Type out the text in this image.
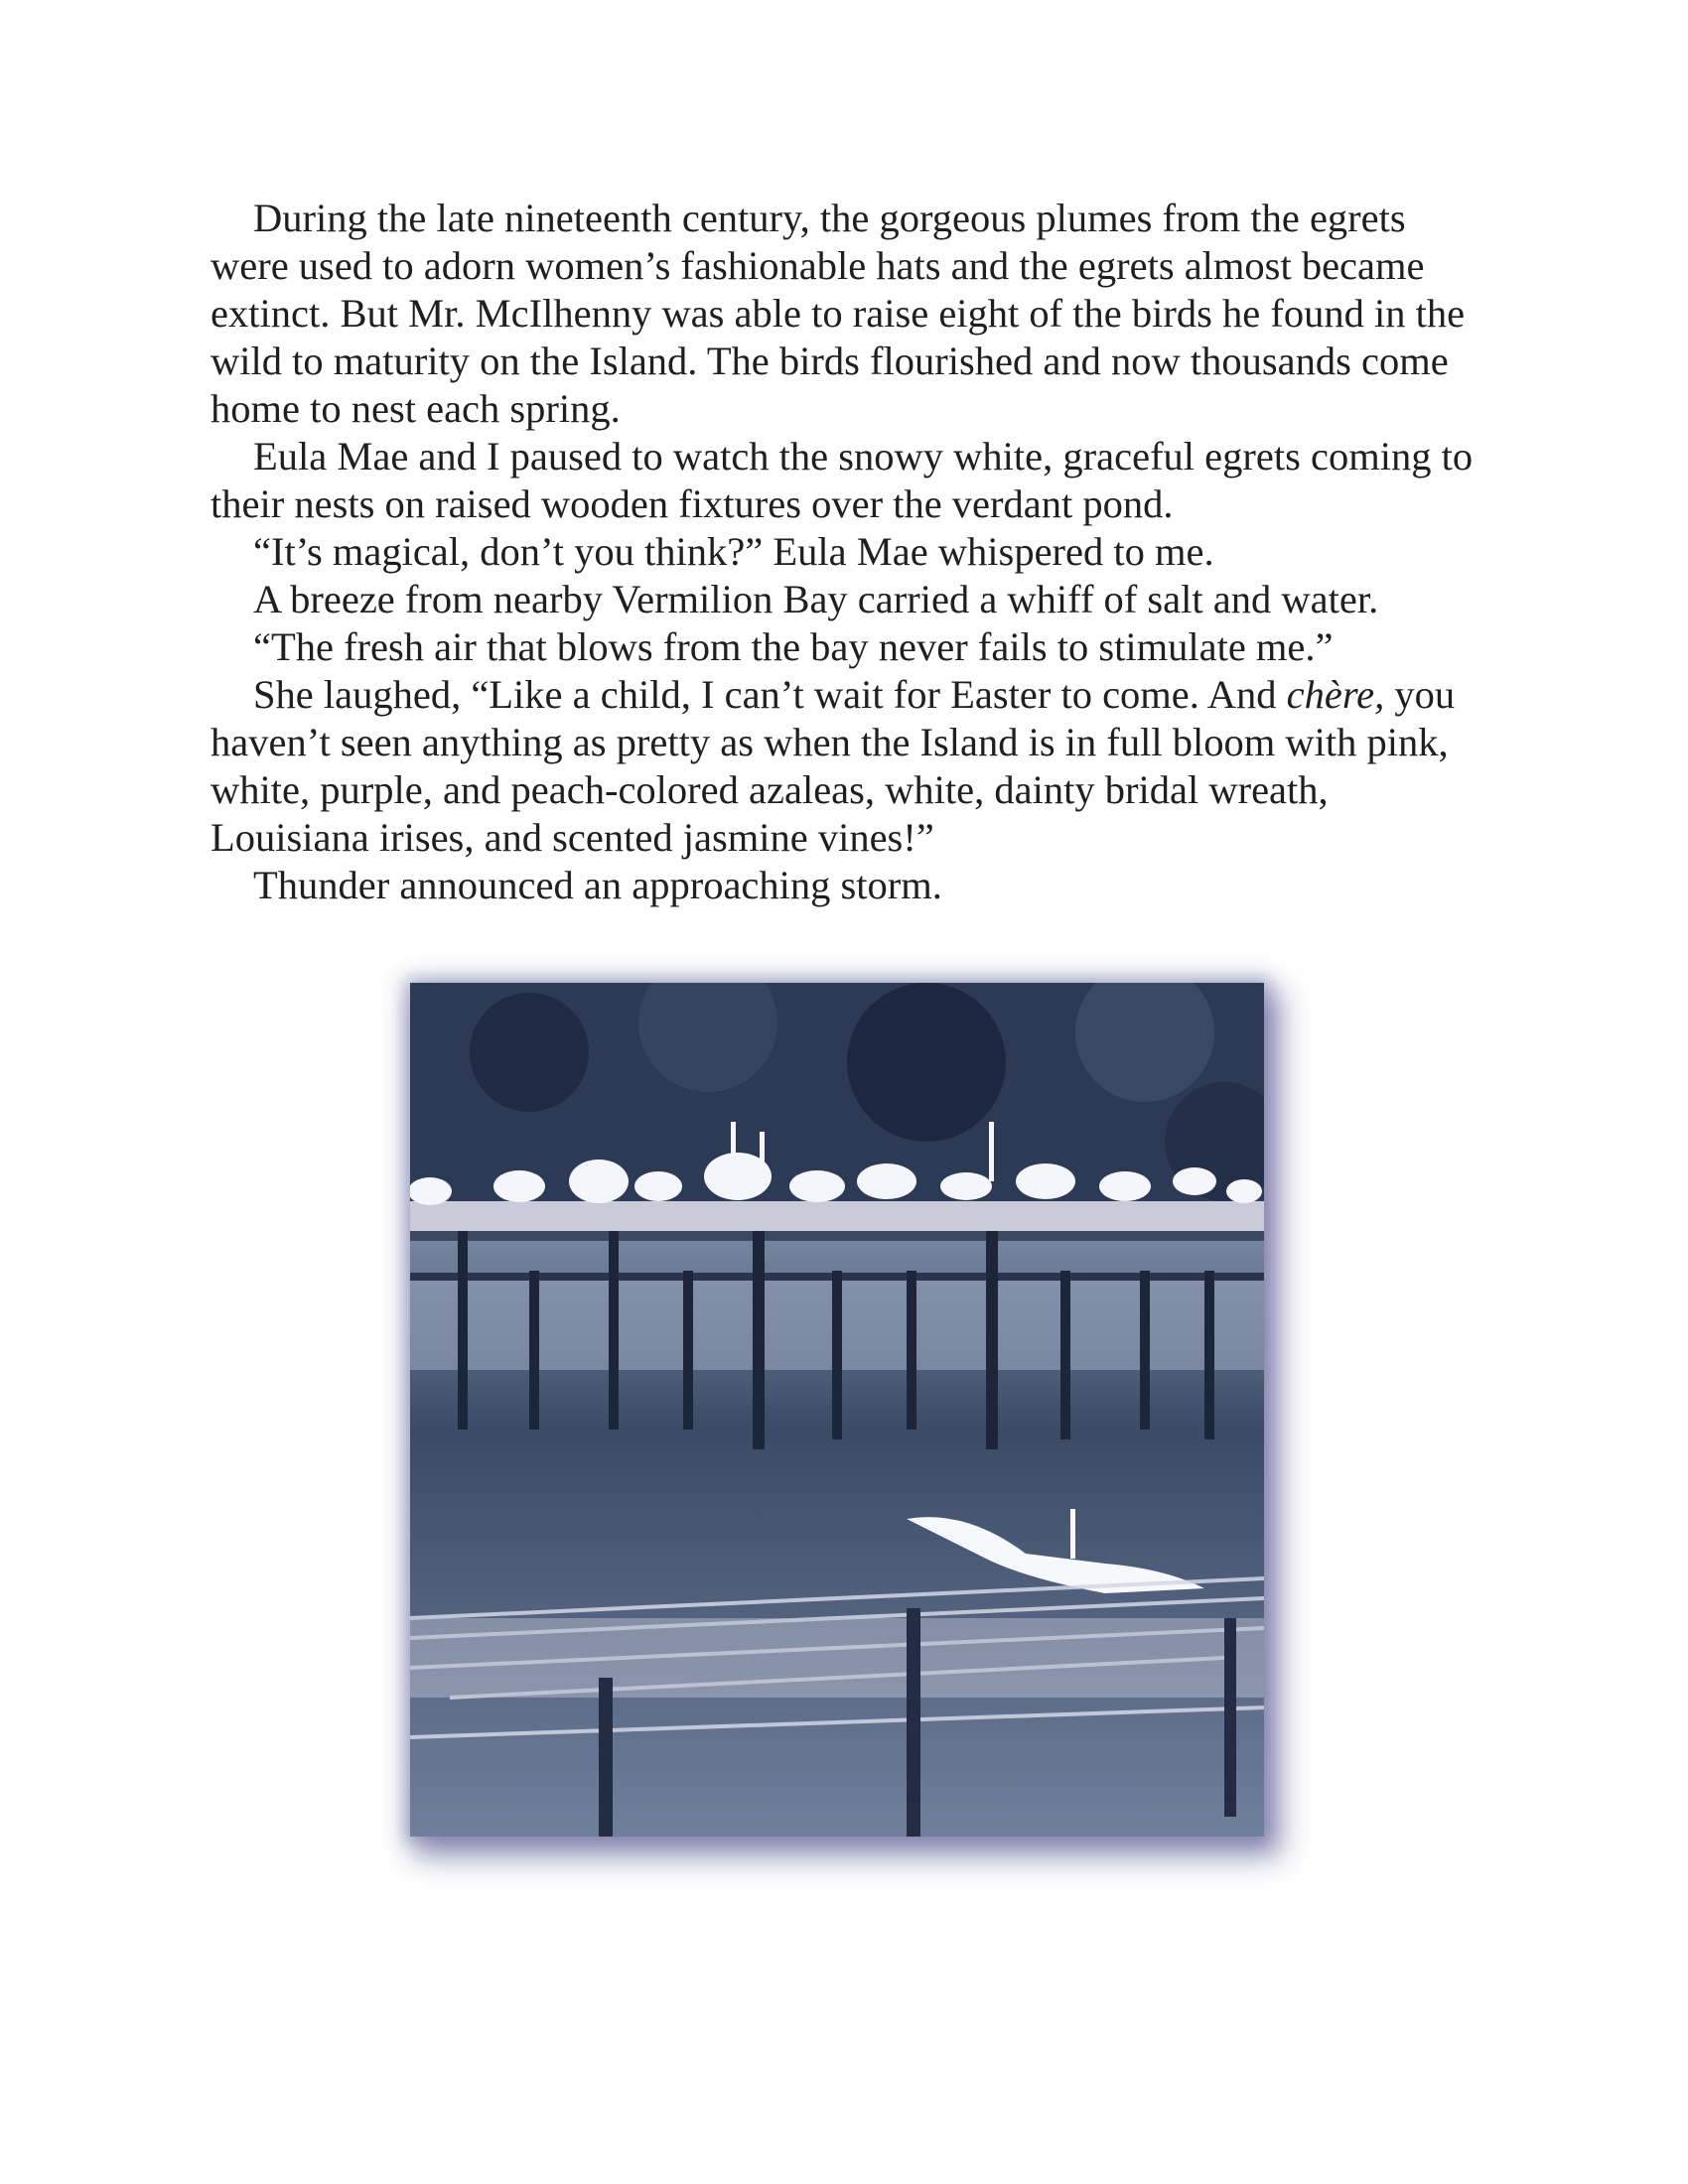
During the late nineteenth century, the gorgeous plumes from the egrets were used to adorn women’s fashionable hats and the egrets almost became extinct. But Mr. McIlhenny was able to raise eight of the birds he found in the wild to maturity on the Island. The birds flourished and now thousands come home to nest each spring.

Eula Mae and I paused to watch the snowy white, graceful egrets coming to their nests on raised wooden fixtures over the verdant pond.

“It’s magical, don’t you think?” Eula Mae whispered to me.

A breeze from nearby Vermilion Bay carried a whiff of salt and water.

“The fresh air that blows from the bay never fails to stimulate me.”

She laughed, “Like a child, I can’t wait for Easter to come. And chère, you haven’t seen anything as pretty as when the Island is in full bloom with pink, white, purple, and peach-colored azaleas, white, dainty bridal wreath, Louisiana irises, and scented jasmine vines!”

Thunder announced an approaching storm.
